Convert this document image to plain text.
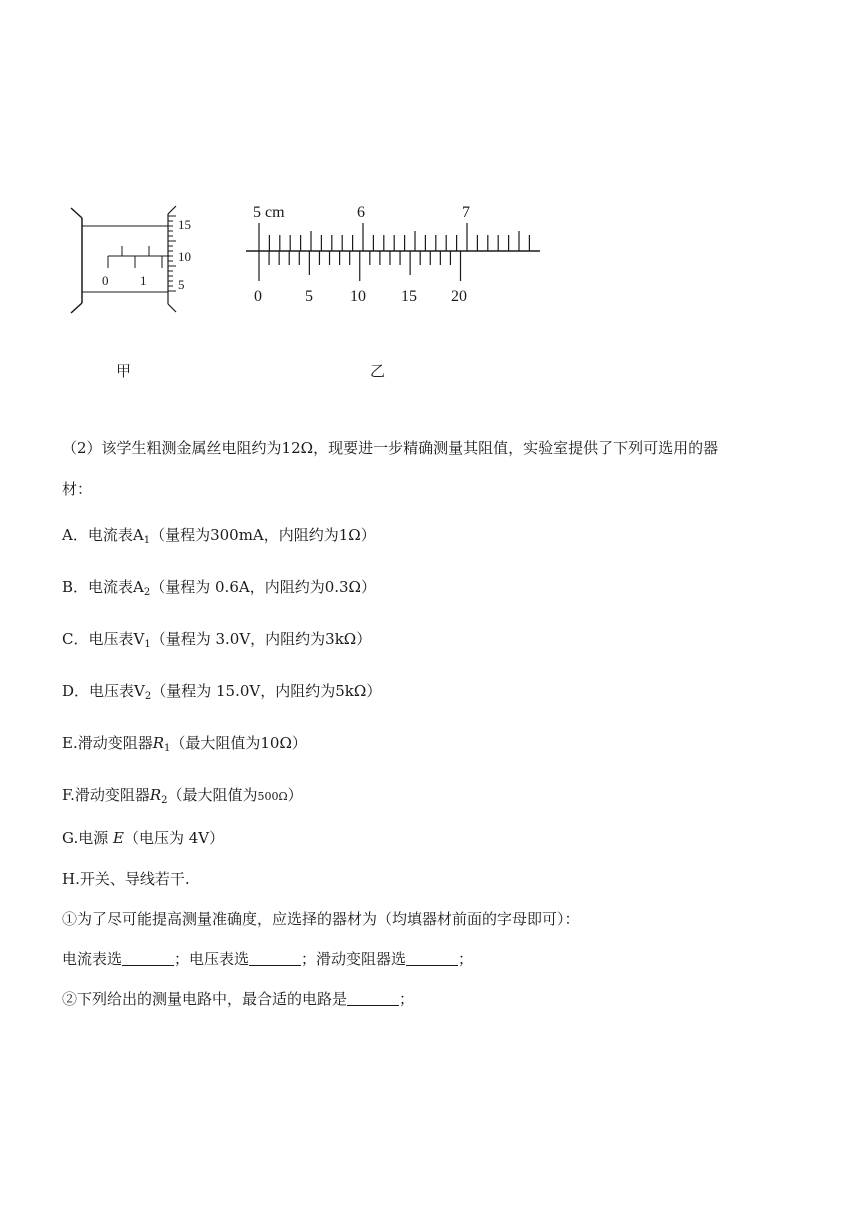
0 1
15
10
5
甲
5 cm	6	7
0	5 10 15 20
乙
（2）该学生粗测金属丝电阻约为12Ω，现要进一步精确测量其阻值，实验室提供了下列可选用的器
材：
A．电流表$A_1$（量程为300mA，内阻约为1Ω）
B．电流表$A_2$（量程为 0.6A，内阻约为0.3Ω）
C．电压表$V_1$（量程为 3.0V，内阻约为3kΩ）
D．电压表$V_2$（量程为 15.0V，内阻约为5kΩ）
E.滑动变阻器$R_1$（最大阻值为10Ω）
F.滑动变阻器$R_2$（最大阻值为500Ω）
G.电源 E（电压为 4V）
H.开关、导线若干.
①为了尽可能提高测量准确度，应选择的器材为（均填器材前面的字母即可）：
电流表选	；电压表选	；滑动变阻器选	；
②下列给出的测量电路中，最合适的电路是	；
